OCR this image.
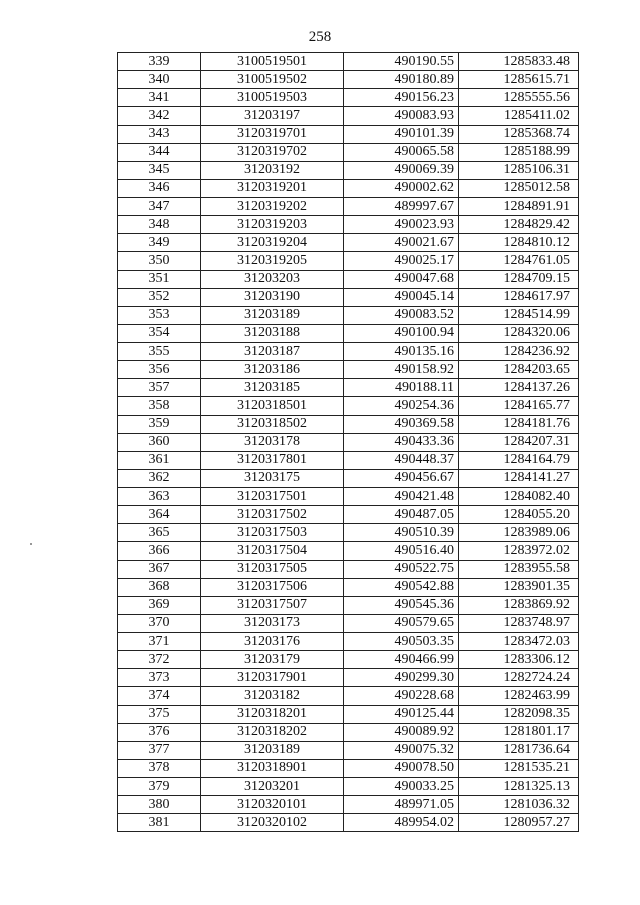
258
339	3100519501	490190.55	1285833.48
340	3100519502	490180.89	1285615.71
341	3100519503	490156.23	1285555.56
342	31203197	490083.93	1285411.02
343	3120319701	490101.39	1285368.74
344	3120319702	490065.58	1285188.99
345	31203192	490069.39	1285106.31
346	3120319201	490002.62	1285012.58
347	3120319202	489997.67	1284891.91
348	3120319203	490023.93	1284829.42
349	3120319204	490021.67	1284810.12
350	3120319205	490025.17	1284761.05
351	31203203	490047.68	1284709.15
352	31203190	490045.14	1284617.97
353	31203189	490083.52	1284514.99
354	31203188	490100.94	1284320.06
355	31203187	490135.16	1284236.92
356	31203186	490158.92	1284203.65
357	31203185	490188.11	1284137.26
358	3120318501	490254.36	1284165.77
359	3120318502	490369.58	1284181.76
360	31203178	490433.36	1284207.31
361	3120317801	490448.37	1284164.79
362	31203175	490456.67	1284141.27
363	3120317501	490421.48	1284082.40
364	3120317502	490487.05	1284055.20
365	3120317503	490510.39	1283989.06
366	3120317504	490516.40	1283972.02
367	3120317505	490522.75	1283955.58
368	3120317506	490542.88	1283901.35
369	3120317507	490545.36	1283869.92
370	31203173	490579.65	1283748.97
371	31203176	490503.35	1283472.03
372	31203179	490466.99	1283306.12
373	3120317901	490299.30	1282724.24
374	31203182	490228.68	1282463.99
375	3120318201	490125.44	1282098.35
376	3120318202	490089.92	1281801.17
377	31203189	490075.32	1281736.64
378	3120318901	490078.50	1281535.21
379	31203201	490033.25	1281325.13
380	3120320101	489971.05	1281036.32
381	3120320102	489954.02	1280957.27
